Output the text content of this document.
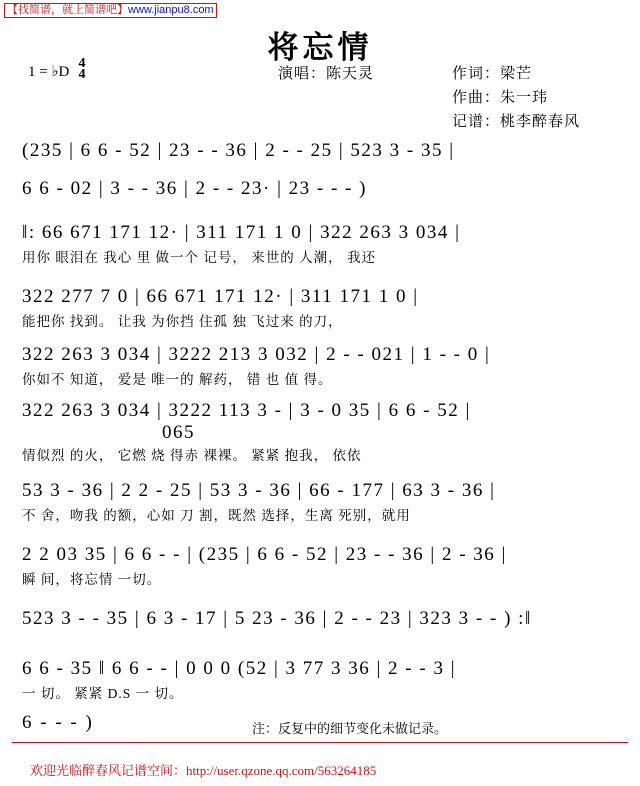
【找简谱，就上简谱吧】www.jianpu8.com
将忘情
1 = ♭D
4
4	演唱：陈天灵	作词：梁芒
作曲：朱一玮
记谱：桃李醉春风
(235 | 6 6 - 52 | 23 - - 36 | 2 - - 25 | 523 3 - 35 |
6 6 - 02 | 3 - - 36 | 2 - - 23· | 23 - - - )
‖: 66 671 171 12· | 311 171 1 0 | 322 263 3 034 |
用你 眼泪在 我心 里 做一个 记号， 来世的 人潮， 我还
322 277 7 0 | 66 671 171 12· | 311 171 1 0 |
能把你 找到。 让我 为你挡 住孤 独 飞过来 的刀，
322 263 3 034 | 3222 213 3 032 | 2 - - 021 | 1 - - 0 |
你如不 知道， 爱是 唯一的 解药， 错 也 值 得。
322 263 3 034 | 3222 113 3 - | 3 - 0 35 | 6 6 - 52 |
065
情似烈 的火， 它燃 烧 得赤 裸裸。 紧紧 抱我， 依依
53 3 - 36 | 2 2 - 25 | 53 3 - 36 | 66 - 177 | 63 3 - 36 |
不 舍，吻我 的额，心如 刀 割，既然 选择，生离 死别，就用
2 2 03 35 | 6 6 - - | (235 | 6 6 - 52 | 23 - - 36 | 2 - 36 |
瞬 间，将忘情 一切。
523 3 - - 35 | 6 3 - 17 | 5 23 - 36 | 2 - - 23 | 323 3 - - ) :‖
6 6 - 35 ‖ 6 6 - - | 0 0 0 (52 | 3 77 3 36 | 2 - - 3 |
一 切。 紧紧 D.S 一 切。
6 - - - )	注：反复中的细节变化未做记录。
欢迎光临醉春风记谱空间：http://user.qzone.qq.com/563264185
